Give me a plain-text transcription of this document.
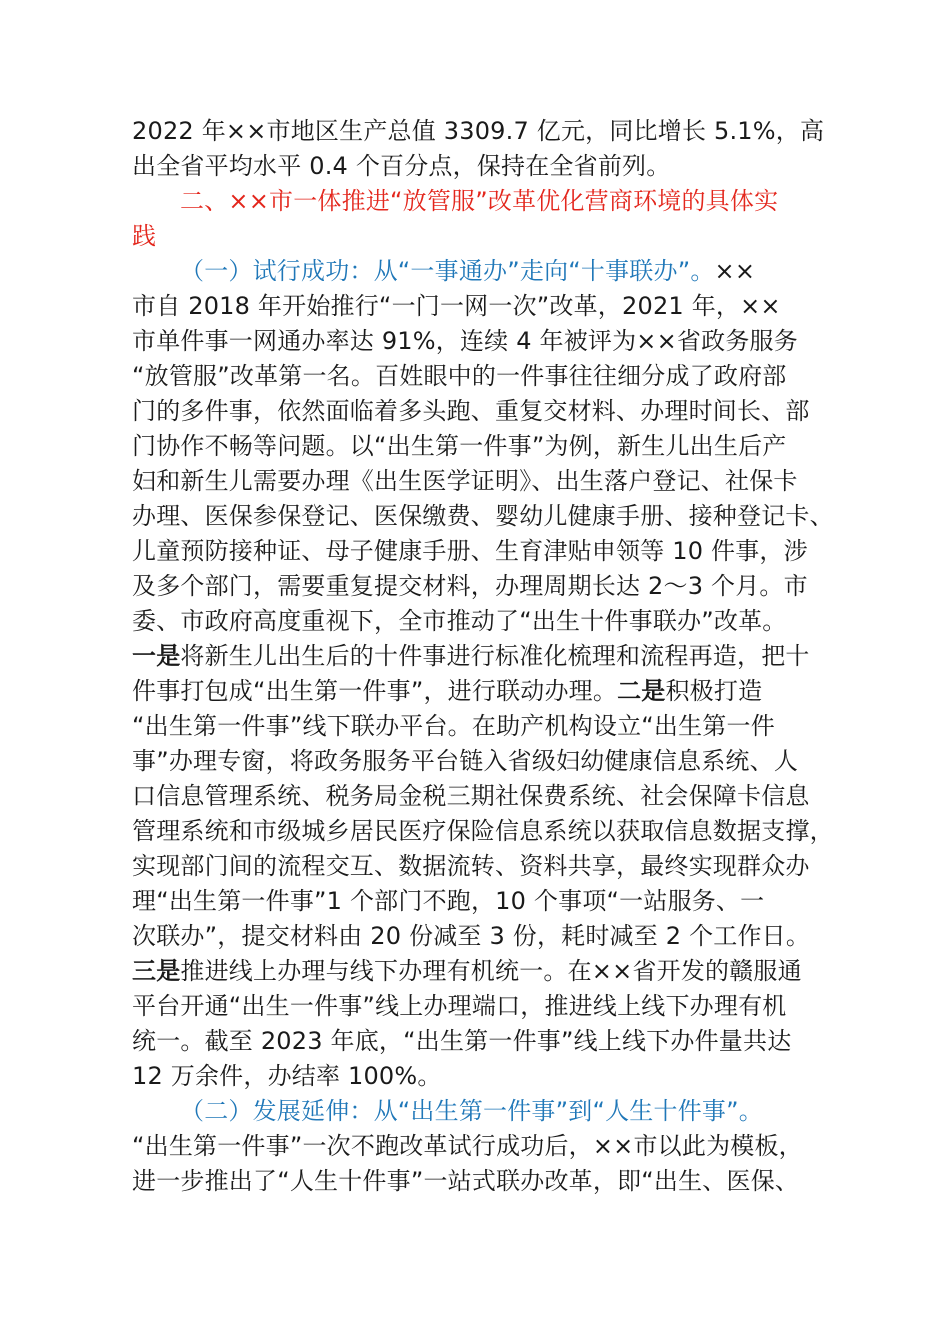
2022 年××市地区生产总值 3309.7 亿元，同比增长 5.1%，高
出全省平均水平 0.4 个百分点，保持在全省前列。
二、××市一体推进“放管服”改革优化营商环境的具体实
践
（一）试行成功：从“一事通办”走向“十事联办”。××
市自 2018 年开始推行“一门一网一次”改革，2021 年，××
市单件事一网通办率达 91%，连续 4 年被评为××省政务服务
“放管服”改革第一名。百姓眼中的一件事往往细分成了政府部
门的多件事，依然面临着多头跑、重复交材料、办理时间长、部
门协作不畅等问题。以“出生第一件事”为例，新生儿出生后产
妇和新生儿需要办理《出生医学证明》、出生落户登记、社保卡
办理、医保参保登记、医保缴费、婴幼儿健康手册、接种登记卡、
儿童预防接种证、母子健康手册、生育津贴申领等 10 件事，涉
及多个部门，需要重复提交材料，办理周期长达 2～3 个月。市
委、市政府高度重视下，全市推动了“出生十件事联办”改革。
一是将新生儿出生后的十件事进行标准化梳理和流程再造，把十
件事打包成“出生第一件事”，进行联动办理。二是积极打造
“出生第一件事”线下联办平台。在助产机构设立“出生第一件
事”办理专窗，将政务服务平台链入省级妇幼健康信息系统、人
口信息管理系统、税务局金税三期社保费系统、社会保障卡信息
管理系统和市级城乡居民医疗保险信息系统以获取信息数据支撑，
实现部门间的流程交互、数据流转、资料共享，最终实现群众办
理“出生第一件事”1 个部门不跑，10 个事项“一站服务、一
次联办”，提交材料由 20 份减至 3 份，耗时减至 2 个工作日。
三是推进线上办理与线下办理有机统一。在××省开发的赣服通
平台开通“出生一件事”线上办理端口，推进线上线下办理有机
统一。截至 2023 年底，“出生第一件事”线上线下办件量共达
12 万余件，办结率 100%。
（二）发展延伸：从“出生第一件事”到“人生十件事”。
“出生第一件事”一次不跑改革试行成功后，××市以此为模板，
进一步推出了“人生十件事”一站式联办改革，即“出生、医保、
